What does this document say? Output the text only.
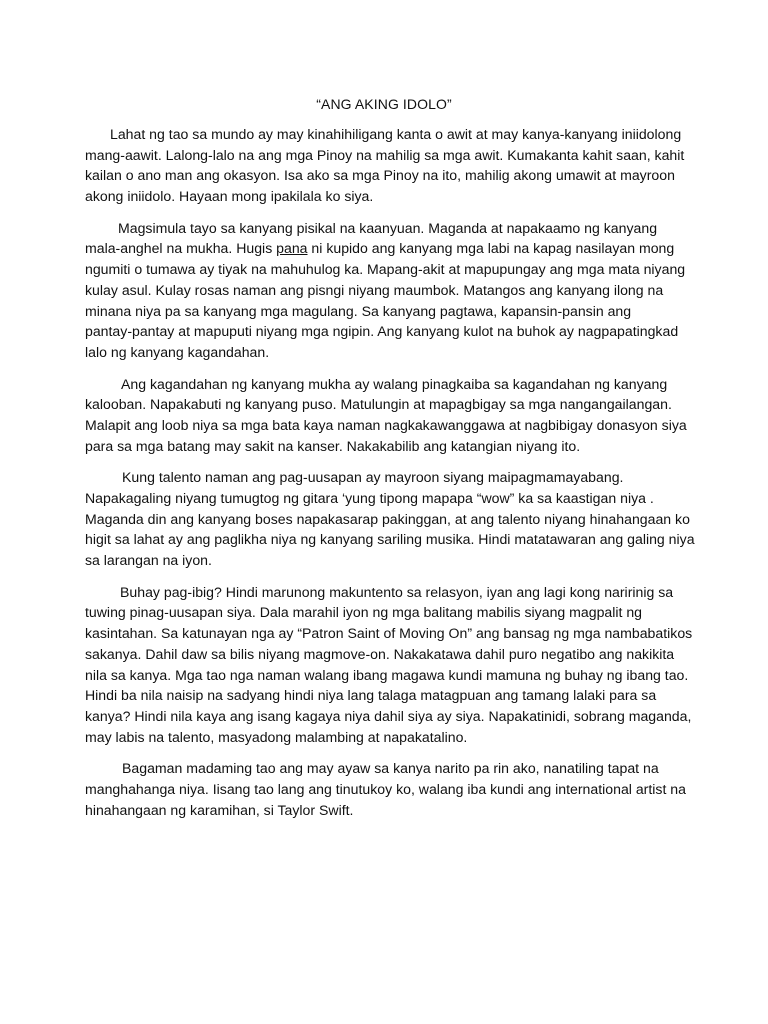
“ANG AKING IDOLO”
Lahat ng tao sa mundo ay may kinahihiligang kanta o awit at may kanya-kanyang iniidolong
mang-aawit. Lalong-lalo na ang mga Pinoy na mahilig sa mga awit. Kumakanta kahit saan, kahit
kailan o ano man ang okasyon. Isa ako sa mga Pinoy na ito, mahilig akong umawit at mayroon
akong iniidolo. Hayaan mong ipakilala ko siya.
Magsimula tayo sa kanyang pisikal na kaanyuan. Maganda at napakaamo ng kanyang
mala-anghel na mukha. Hugis pana ni kupido ang kanyang mga labi na kapag nasilayan mong
ngumiti o tumawa ay tiyak na mahuhulog ka. Mapang-akit at mapupungay ang mga mata niyang
kulay asul. Kulay rosas naman ang pisngi niyang maumbok. Matangos ang kanyang ilong na
minana niya pa sa kanyang mga magulang. Sa kanyang pagtawa, kapansin-pansin ang
pantay-pantay at mapuputi niyang mga ngipin. Ang kanyang kulot na buhok ay nagpapatingkad
lalo ng kanyang kagandahan.
Ang kagandahan ng kanyang mukha ay walang pinagkaiba sa kagandahan ng kanyang
kalooban. Napakabuti ng kanyang puso. Matulungin at mapagbigay sa mga nangangailangan.
Malapit ang loob niya sa mga bata kaya naman nagkakawanggawa at nagbibigay donasyon siya
para sa mga batang may sakit na kanser. Nakakabilib ang katangian niyang ito.
Kung talento naman ang pag-uusapan ay mayroon siyang maipagmamayabang.
Napakagaling niyang tumugtog ng gitara ‘yung tipong mapapa “wow” ka sa kaastigan niya .
Maganda din ang kanyang boses napakasarap pakinggan, at ang talento niyang hinahangaan ko
higit sa lahat ay ang paglikha niya ng kanyang sariling musika. Hindi matatawaran ang galing niya
sa larangan na iyon.
Buhay pag-ibig? Hindi marunong makuntento sa relasyon, iyan ang lagi kong naririnig sa
tuwing pinag-uusapan siya. Dala marahil iyon ng mga balitang mabilis siyang magpalit ng
kasintahan. Sa katunayan nga ay “Patron Saint of Moving On” ang bansag ng mga nambabatikos
sakanya. Dahil daw sa bilis niyang magmove-on. Nakakatawa dahil puro negatibo ang nakikita
nila sa kanya. Mga tao nga naman walang ibang magawa kundi mamuna ng buhay ng ibang tao.
Hindi ba nila naisip na sadyang hindi niya lang talaga matagpuan ang tamang lalaki para sa
kanya? Hindi nila kaya ang isang kagaya niya dahil siya ay siya. Napakatinidi, sobrang maganda,
may labis na talento, masyadong malambing at napakatalino.
Bagaman madaming tao ang may ayaw sa kanya narito pa rin ako, nanatiling tapat na
manghahanga niya. Iisang tao lang ang tinutukoy ko, walang iba kundi ang international artist na
hinahangaan ng karamihan, si Taylor Swift.
